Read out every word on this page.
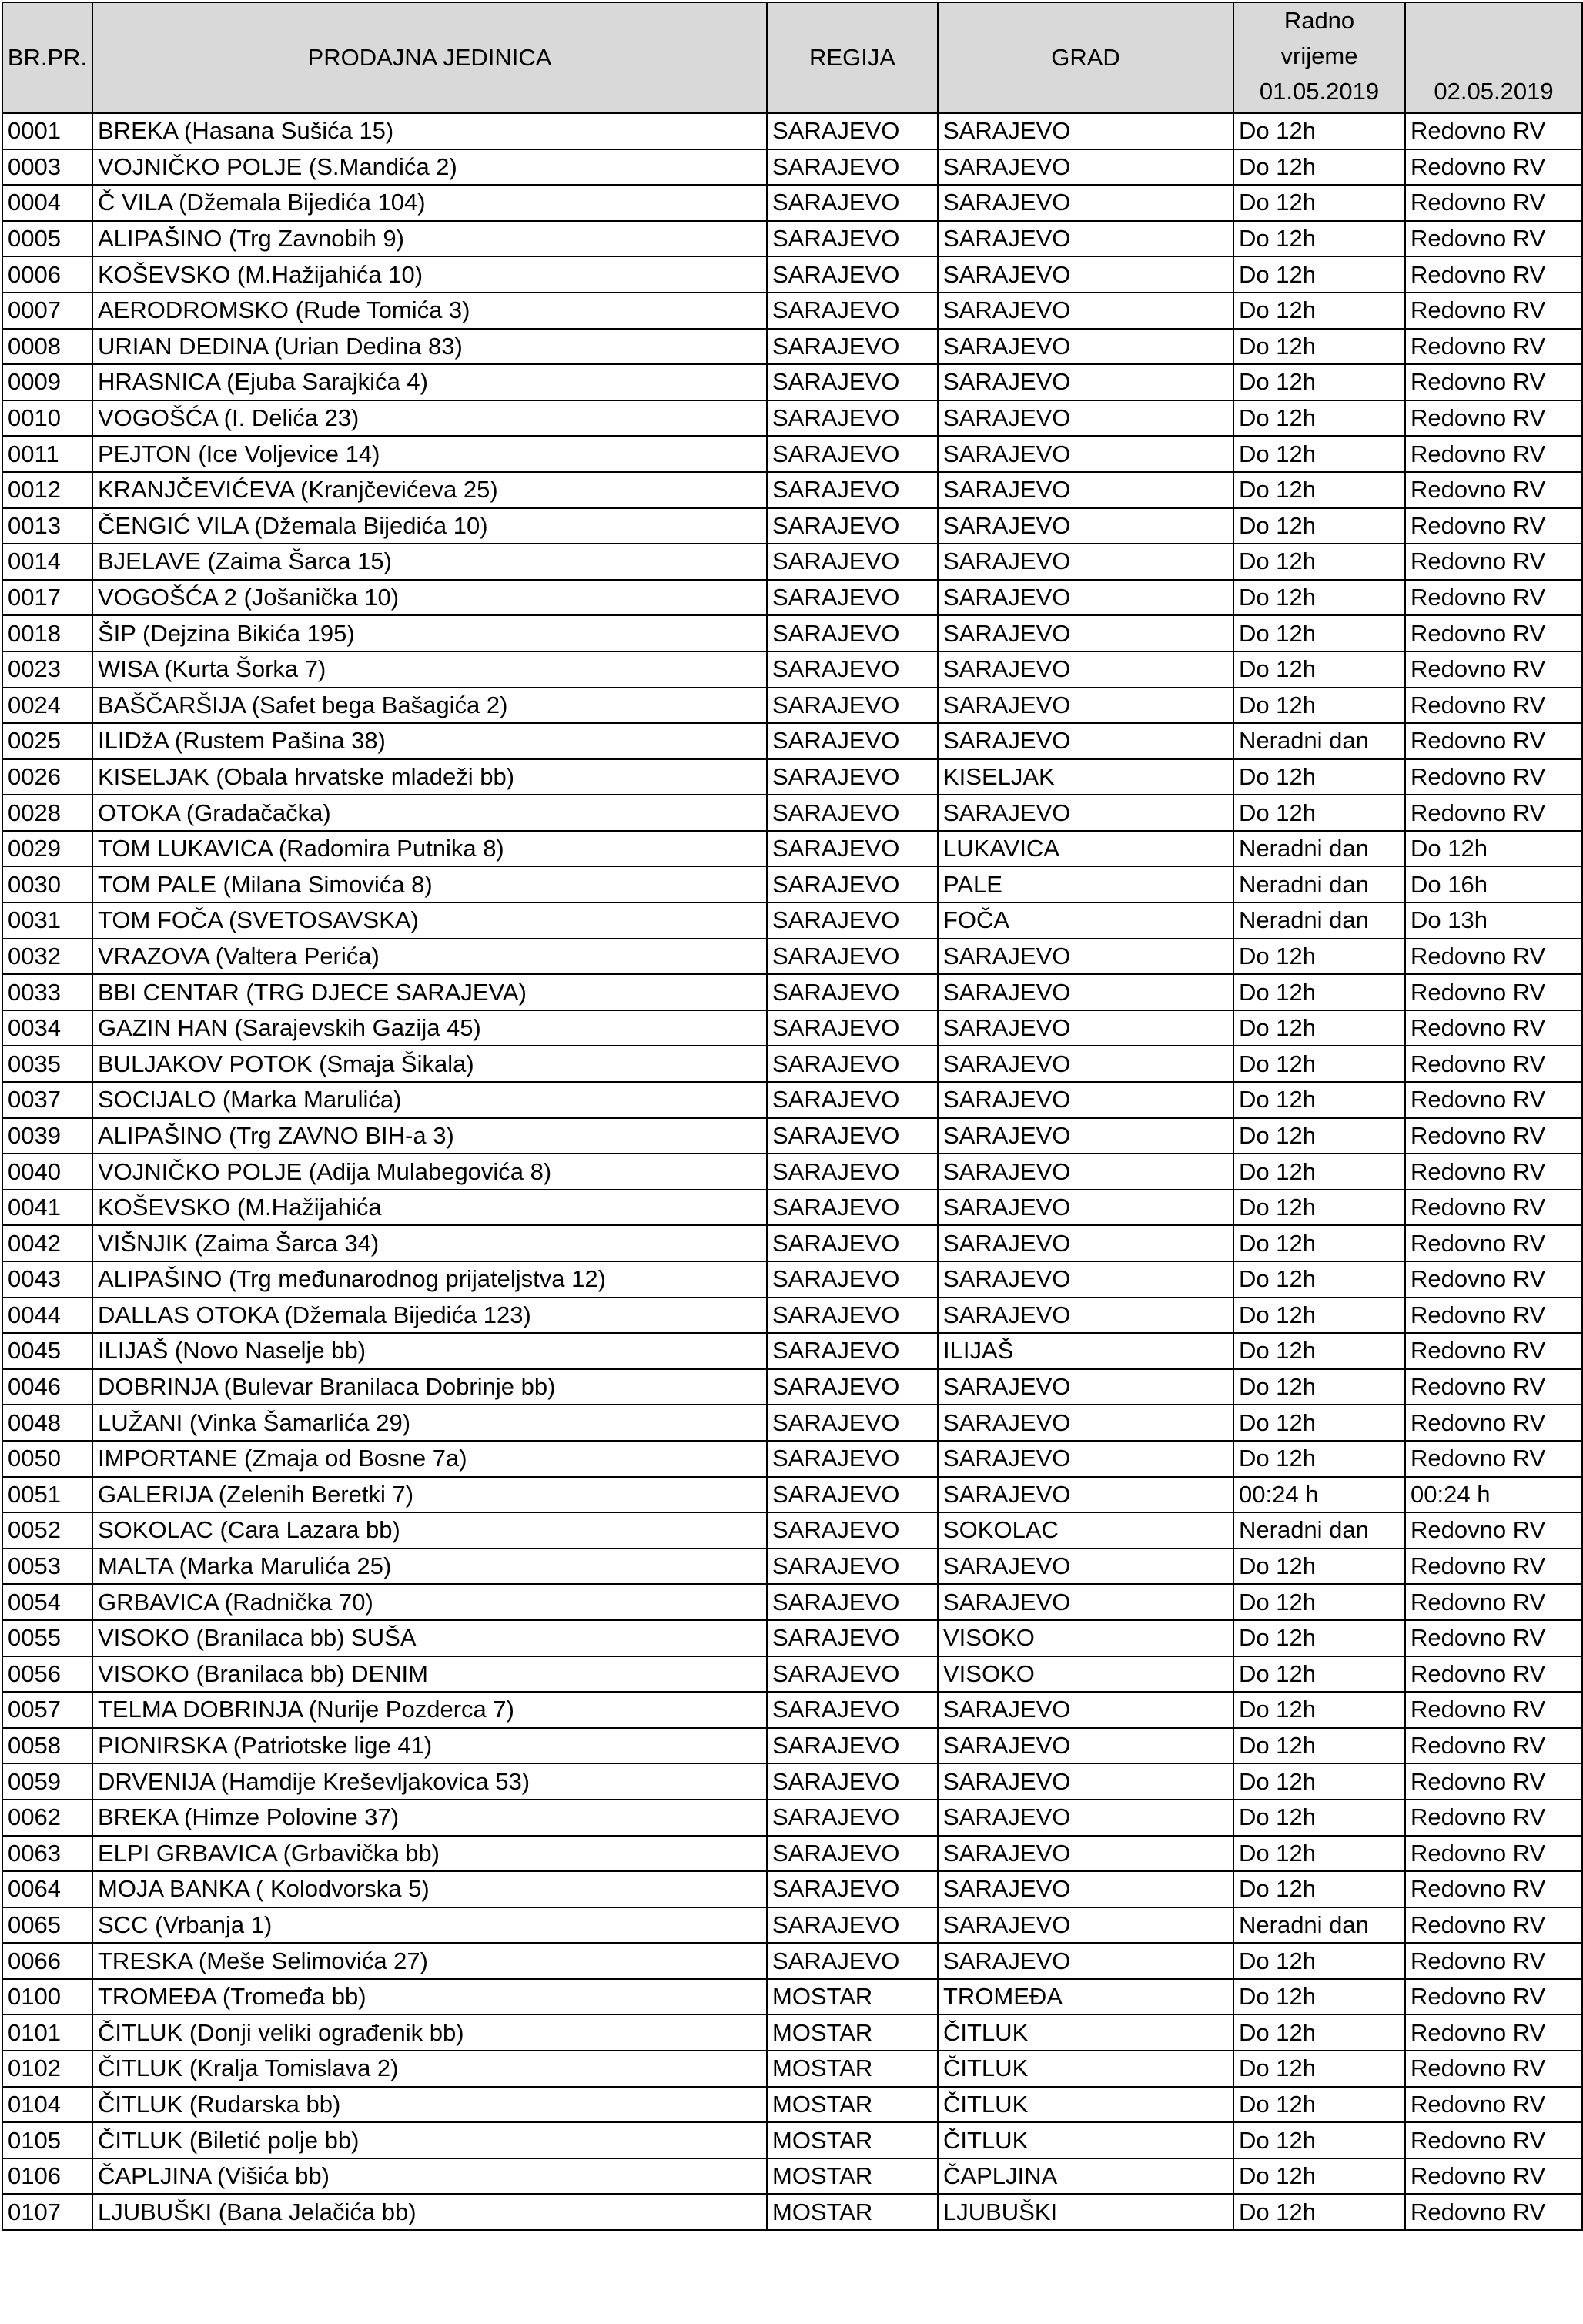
BR.PR.	PRODAJNA JEDINICA	REGIJA	GRAD	Radno
vrijeme
01.05.2019	02.05.2019
0001	BREKA (Hasana Sušića 15)	SARAJEVO	SARAJEVO	Do 12h	Redovno RV
0003	VOJNIČKO POLJE (S.Mandića 2)	SARAJEVO	SARAJEVO	Do 12h	Redovno RV
0004	Č VILA (Džemala Bijedića 104)	SARAJEVO	SARAJEVO	Do 12h	Redovno RV
0005	ALIPAŠINO (Trg Zavnobih 9)	SARAJEVO	SARAJEVO	Do 12h	Redovno RV
0006	KOŠEVSKO (M.Hažijahića 10)	SARAJEVO	SARAJEVO	Do 12h	Redovno RV
0007	AERODROMSKO (Rude Tomića 3)	SARAJEVO	SARAJEVO	Do 12h	Redovno RV
0008	URIAN DEDINA (Urian Dedina 83)	SARAJEVO	SARAJEVO	Do 12h	Redovno RV
0009	HRASNICA (Ejuba Sarajkića 4)	SARAJEVO	SARAJEVO	Do 12h	Redovno RV
0010	VOGOŠĆA (I. Delića 23)	SARAJEVO	SARAJEVO	Do 12h	Redovno RV
0011	PEJTON (Ice Voljevice 14)	SARAJEVO	SARAJEVO	Do 12h	Redovno RV
0012	KRANJČEVIĆEVA (Kranjčevićeva 25)	SARAJEVO	SARAJEVO	Do 12h	Redovno RV
0013	ČENGIĆ VILA (Džemala Bijedića 10)	SARAJEVO	SARAJEVO	Do 12h	Redovno RV
0014	BJELAVE (Zaima Šarca 15)	SARAJEVO	SARAJEVO	Do 12h	Redovno RV
0017	VOGOŠĆA 2 (Jošanička 10)	SARAJEVO	SARAJEVO	Do 12h	Redovno RV
0018	ŠIP (Dejzina Bikića 195)	SARAJEVO	SARAJEVO	Do 12h	Redovno RV
0023	WISA (Kurta Šorka 7)	SARAJEVO	SARAJEVO	Do 12h	Redovno RV
0024	BAŠČARŠIJA (Safet bega Bašagića 2)	SARAJEVO	SARAJEVO	Do 12h	Redovno RV
0025	ILIDžA (Rustem Pašina 38)	SARAJEVO	SARAJEVO	Neradni dan	Redovno RV
0026	KISELJAK (Obala hrvatske mladeži bb)	SARAJEVO	KISELJAK	Do 12h	Redovno RV
0028	OTOKA (Gradačačka)	SARAJEVO	SARAJEVO	Do 12h	Redovno RV
0029	TOM LUKAVICA (Radomira Putnika 8)	SARAJEVO	LUKAVICA	Neradni dan	Do 12h
0030	TOM PALE (Milana Simovića 8)	SARAJEVO	PALE	Neradni dan	Do 16h
0031	TOM FOČA (SVETOSAVSKA)	SARAJEVO	FOČA	Neradni dan	Do 13h
0032	VRAZOVA (Valtera Perića)	SARAJEVO	SARAJEVO	Do 12h	Redovno RV
0033	BBI CENTAR (TRG DJECE SARAJEVA)	SARAJEVO	SARAJEVO	Do 12h	Redovno RV
0034	GAZIN HAN (Sarajevskih Gazija 45)	SARAJEVO	SARAJEVO	Do 12h	Redovno RV
0035	BULJAKOV POTOK (Smaja Šikala)	SARAJEVO	SARAJEVO	Do 12h	Redovno RV
0037	SOCIJALO (Marka Marulića)	SARAJEVO	SARAJEVO	Do 12h	Redovno RV
0039	ALIPAŠINO (Trg ZAVNO BIH-a 3)	SARAJEVO	SARAJEVO	Do 12h	Redovno RV
0040	VOJNIČKO POLJE (Adija Mulabegovića 8)	SARAJEVO	SARAJEVO	Do 12h	Redovno RV
0041	KOŠEVSKO (M.Hažijahića	SARAJEVO	SARAJEVO	Do 12h	Redovno RV
0042	VIŠNJIK (Zaima Šarca 34)	SARAJEVO	SARAJEVO	Do 12h	Redovno RV
0043	ALIPAŠINO (Trg međunarodnog prijateljstva 12)	SARAJEVO	SARAJEVO	Do 12h	Redovno RV
0044	DALLAS OTOKA (Džemala Bijedića 123)	SARAJEVO	SARAJEVO	Do 12h	Redovno RV
0045	ILIJAŠ (Novo Naselje bb)	SARAJEVO	ILIJAŠ	Do 12h	Redovno RV
0046	DOBRINJA (Bulevar Branilaca Dobrinje bb)	SARAJEVO	SARAJEVO	Do 12h	Redovno RV
0048	LUŽANI (Vinka Šamarlića 29)	SARAJEVO	SARAJEVO	Do 12h	Redovno RV
0050	IMPORTANE (Zmaja od Bosne 7a)	SARAJEVO	SARAJEVO	Do 12h	Redovno RV
0051	GALERIJA (Zelenih Beretki 7)	SARAJEVO	SARAJEVO	00:24 h	00:24 h
0052	SOKOLAC (Cara Lazara bb)	SARAJEVO	SOKOLAC	Neradni dan	Redovno RV
0053	MALTA (Marka Marulića 25)	SARAJEVO	SARAJEVO	Do 12h	Redovno RV
0054	GRBAVICA (Radnička 70)	SARAJEVO	SARAJEVO	Do 12h	Redovno RV
0055	VISOKO (Branilaca bb) SUŠA	SARAJEVO	VISOKO	Do 12h	Redovno RV
0056	VISOKO (Branilaca bb) DENIM	SARAJEVO	VISOKO	Do 12h	Redovno RV
0057	TELMA DOBRINJA (Nurije Pozderca 7)	SARAJEVO	SARAJEVO	Do 12h	Redovno RV
0058	PIONIRSKA (Patriotske lige 41)	SARAJEVO	SARAJEVO	Do 12h	Redovno RV
0059	DRVENIJA (Hamdije Kreševljakovica 53)	SARAJEVO	SARAJEVO	Do 12h	Redovno RV
0062	BREKA (Himze Polovine 37)	SARAJEVO	SARAJEVO	Do 12h	Redovno RV
0063	ELPI GRBAVICA (Grbavička bb)	SARAJEVO	SARAJEVO	Do 12h	Redovno RV
0064	MOJA BANKA ( Kolodvorska 5)	SARAJEVO	SARAJEVO	Do 12h	Redovno RV
0065	SCC (Vrbanja 1)	SARAJEVO	SARAJEVO	Neradni dan	Redovno RV
0066	TRESKA (Meše Selimovića 27)	SARAJEVO	SARAJEVO	Do 12h	Redovno RV
0100	TROMEĐA (Tromeđa bb)	MOSTAR	TROMEĐA	Do 12h	Redovno RV
0101	ČITLUK (Donji veliki ograđenik bb)	MOSTAR	ČITLUK	Do 12h	Redovno RV
0102	ČITLUK (Kralja Tomislava 2)	MOSTAR	ČITLUK	Do 12h	Redovno RV
0104	ČITLUK (Rudarska bb)	MOSTAR	ČITLUK	Do 12h	Redovno RV
0105	ČITLUK (Biletić polje bb)	MOSTAR	ČITLUK	Do 12h	Redovno RV
0106	ČAPLJINA (Višića bb)	MOSTAR	ČAPLJINA	Do 12h	Redovno RV
0107	LJUBUŠKI (Bana Jelačića bb)	MOSTAR	LJUBUŠKI	Do 12h	Redovno RV
